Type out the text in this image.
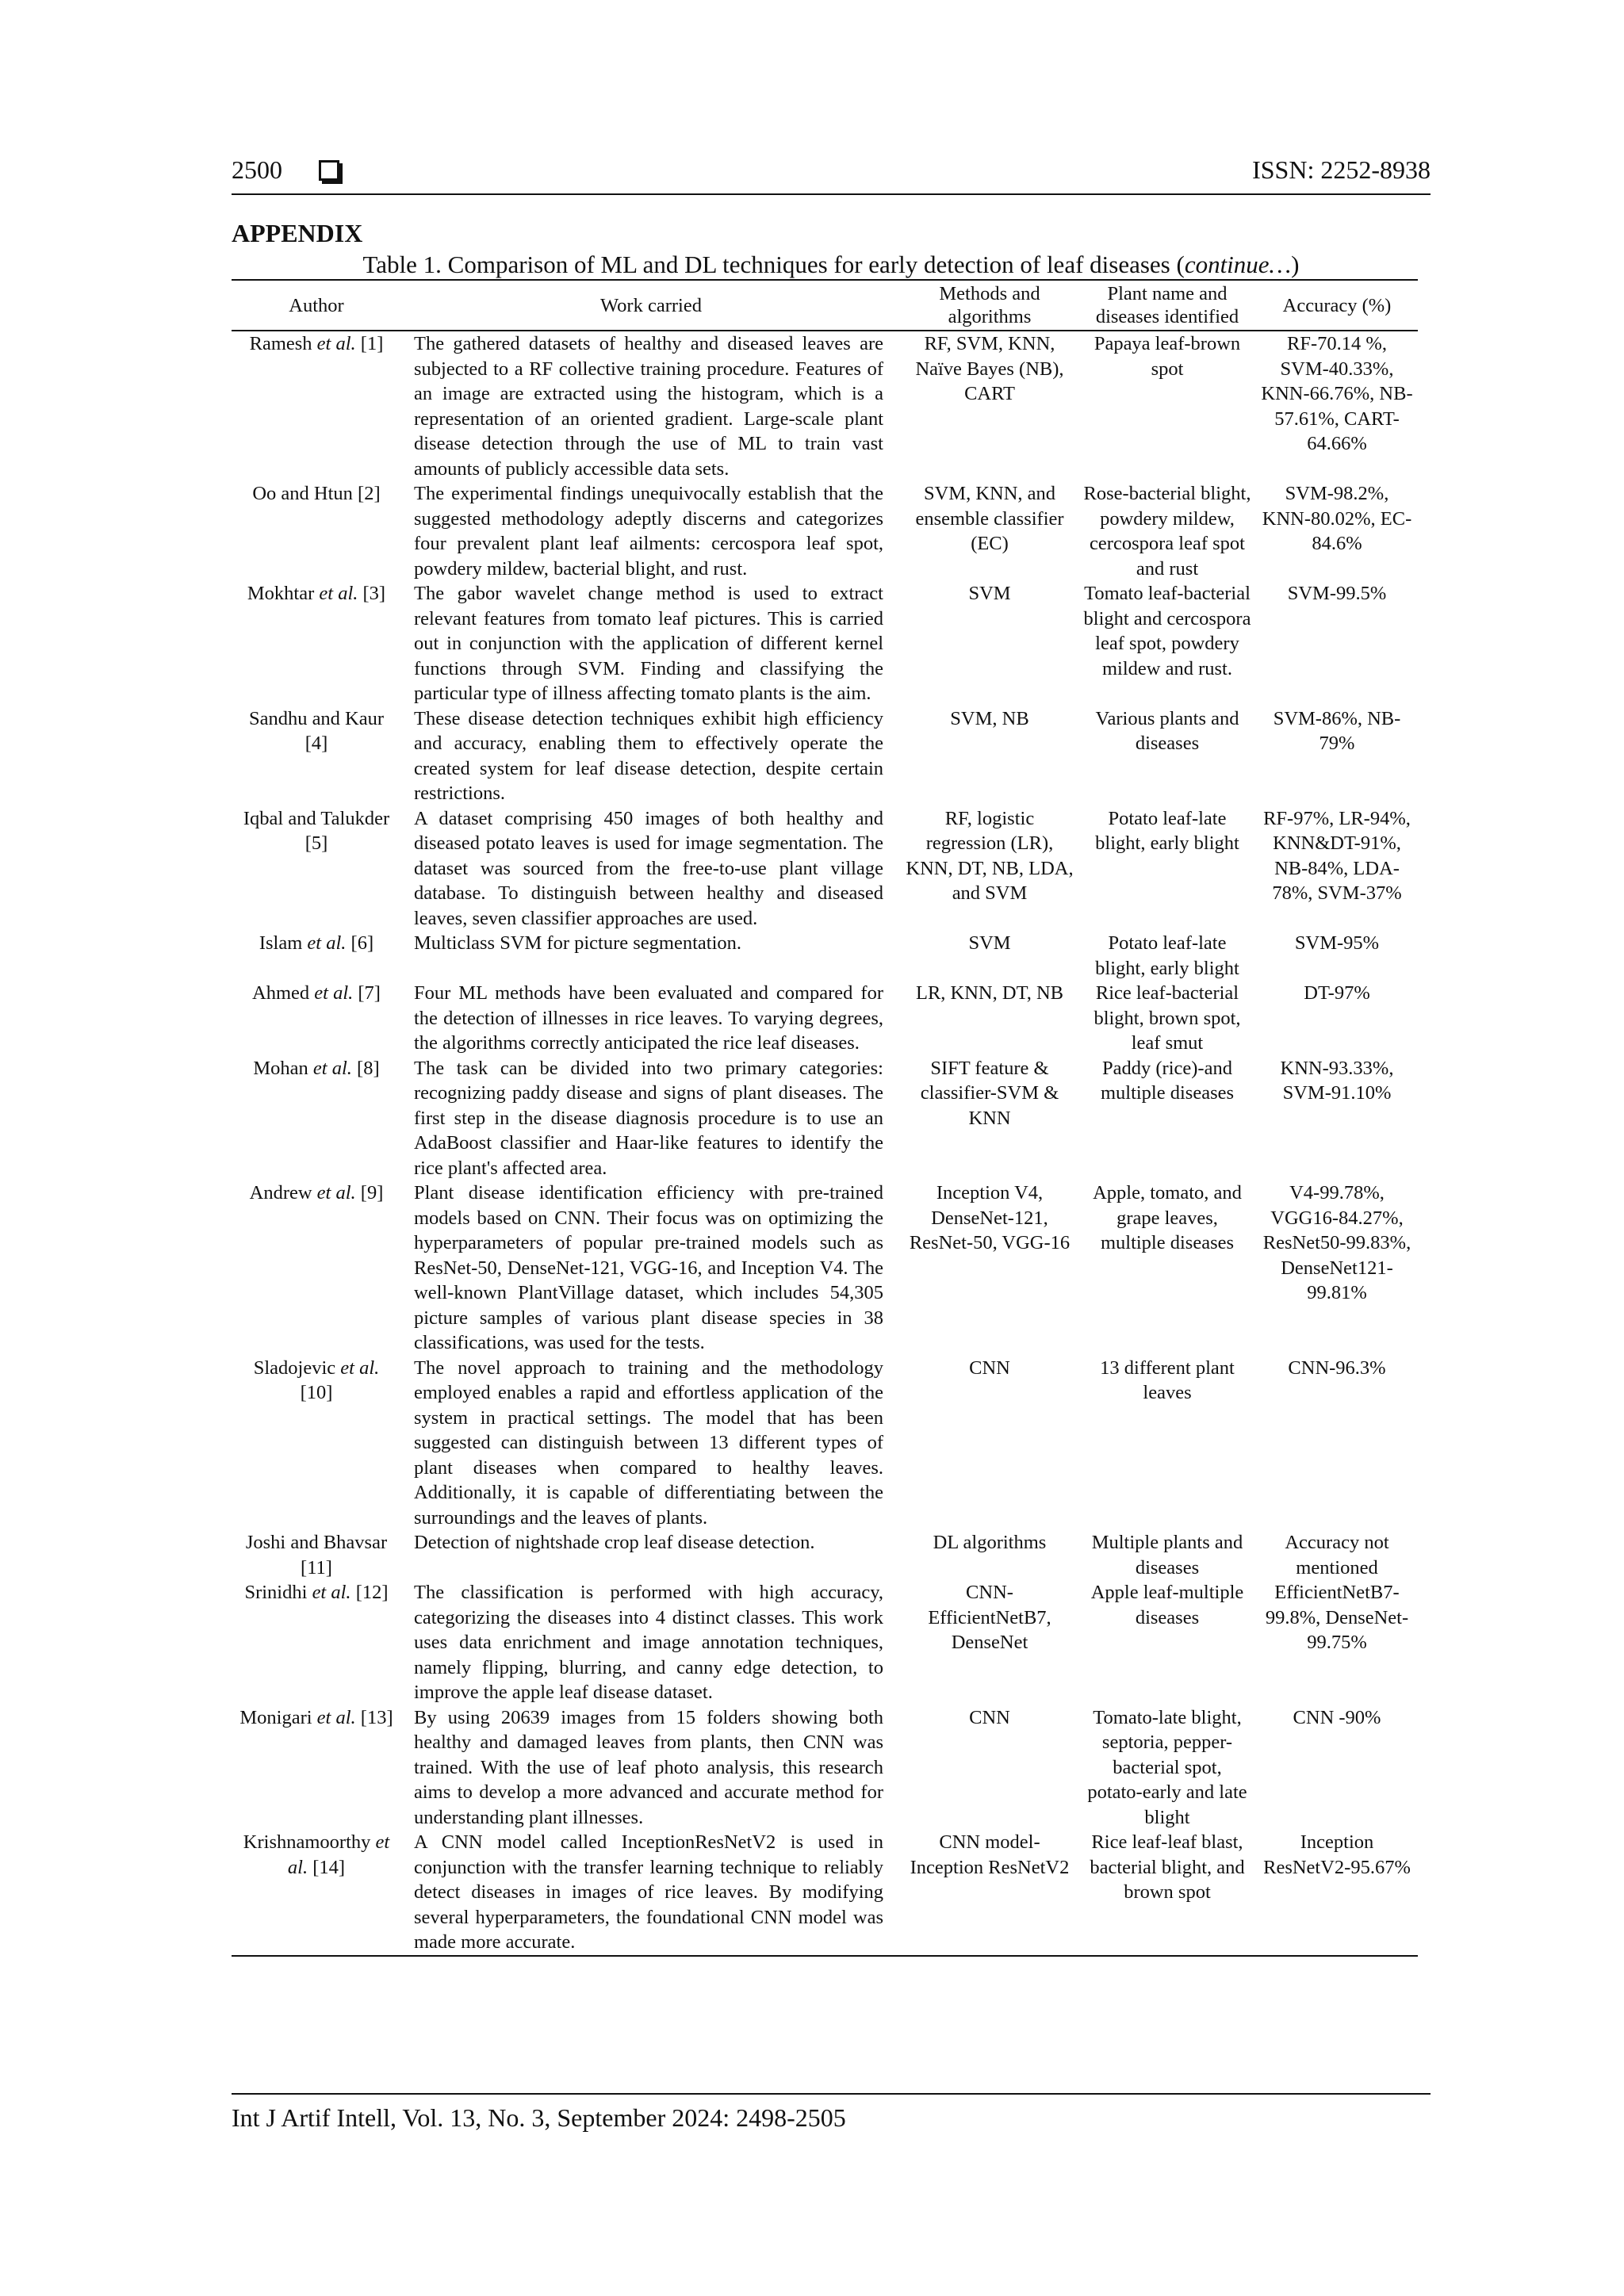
2500	ISSN: 2252-8938
APPENDIX
Table 1. Comparison of ML and DL techniques for early detection of leaf diseases (continue…)
Author	Work carried	Methods and algorithms	Plant name and diseases identified	Accuracy (%)
Ramesh et al. [1]	The gathered datasets of healthy and diseased leaves are subjected to a RF collective training procedure. Features of an image are extracted using the histogram, which is a representation of an oriented gradient. Large-scale plant disease detection through the use of ML to train vast amounts of publicly accessible data sets.	RF, SVM, KNN, Naïve Bayes (NB), CART	Papaya leaf-brown spot	RF-70.14 %, SVM-40.33%, KNN-66.76%, NB-57.61%, CART-64.66%
Oo and Htun [2]	The experimental findings unequivocally establish that the suggested methodology adeptly discerns and categorizes four prevalent plant leaf ailments: cercospora leaf spot, powdery mildew, bacterial blight, and rust.	SVM, KNN, and ensemble classifier (EC)	Rose-bacterial blight, powdery mildew, cercospora leaf spot and rust	SVM-98.2%, KNN-80.02%, EC-84.6%
Mokhtar et al. [3]	The gabor wavelet change method is used to extract relevant features from tomato leaf pictures. This is carried out in conjunction with the application of different kernel functions through SVM. Finding and classifying the particular type of illness affecting tomato plants is the aim.	SVM	Tomato leaf-bacterial blight and cercospora leaf spot, powdery mildew and rust.	SVM-99.5%
Sandhu and Kaur [4]	These disease detection techniques exhibit high efficiency and accuracy, enabling them to effectively operate the created system for leaf disease detection, despite certain restrictions.	SVM, NB	Various plants and diseases	SVM-86%, NB-79%
Iqbal and Talukder [5]	A dataset comprising 450 images of both healthy and diseased potato leaves is used for image segmentation. The dataset was sourced from the free-to-use plant village database. To distinguish between healthy and diseased leaves, seven classifier approaches are used.	RF, logistic regression (LR), KNN, DT, NB, LDA, and SVM	Potato leaf-late blight, early blight	RF-97%, LR-94%, KNN&DT-91%, NB-84%, LDA-78%, SVM-37%
Islam et al. [6]	Multiclass SVM for picture segmentation.	SVM	Potato leaf-late blight, early blight	SVM-95%
Ahmed et al. [7]	Four ML methods have been evaluated and compared for the detection of illnesses in rice leaves. To varying degrees, the algorithms correctly anticipated the rice leaf diseases.	LR, KNN, DT, NB	Rice leaf-bacterial blight, brown spot, leaf smut	DT-97%
Mohan et al. [8]	The task can be divided into two primary categories: recognizing paddy disease and signs of plant diseases. The first step in the disease diagnosis procedure is to use an AdaBoost classifier and Haar-like features to identify the rice plant's affected area.	SIFT feature & classifier-SVM & KNN	Paddy (rice)-and multiple diseases	KNN-93.33%, SVM-91.10%
Andrew et al. [9]	Plant disease identification efficiency with pre-trained models based on CNN. Their focus was on optimizing the hyperparameters of popular pre-trained models such as ResNet-50, DenseNet-121, VGG-16, and Inception V4. The well-known PlantVillage dataset, which includes 54,305 picture samples of various plant disease species in 38 classifications, was used for the tests.	Inception V4, DenseNet-121, ResNet-50, VGG-16	Apple, tomato, and grape leaves, multiple diseases	V4-99.78%, VGG16-84.27%, ResNet50-99.83%, DenseNet121-99.81%
Sladojevic et al. [10]	The novel approach to training and the methodology employed enables a rapid and effortless application of the system in practical settings. The model that has been suggested can distinguish between 13 different types of plant diseases when compared to healthy leaves. Additionally, it is capable of differentiating between the surroundings and the leaves of plants.	CNN	13 different plant leaves	CNN-96.3%
Joshi and Bhavsar [11]	Detection of nightshade crop leaf disease detection.	DL algorithms	Multiple plants and diseases	Accuracy not mentioned
Srinidhi et al. [12]	The classification is performed with high accuracy, categorizing the diseases into 4 distinct classes. This work uses data enrichment and image annotation techniques, namely flipping, blurring, and canny edge detection, to improve the apple leaf disease dataset.	CNN-EfficientNetB7, DenseNet	Apple leaf-multiple diseases	EfficientNetB7-99.8%, DenseNet-99.75%
Monigari et al. [13]	By using 20639 images from 15 folders showing both healthy and damaged leaves from plants, then CNN was trained. With the use of leaf photo analysis, this research aims to develop a more advanced and accurate method for understanding plant illnesses.	CNN	Tomato-late blight, septoria, pepper-bacterial spot, potato-early and late blight	CNN -90%
Krishnamoorthy et al. [14]	A CNN model called InceptionResNetV2 is used in conjunction with the transfer learning technique to reliably detect diseases in images of rice leaves. By modifying several hyperparameters, the foundational CNN model was made more accurate.	CNN model-Inception ResNetV2	Rice leaf-leaf blast, bacterial blight, and brown spot	Inception ResNetV2-95.67%
Int J Artif Intell, Vol. 13, No. 3, September 2024: 2498-2505
